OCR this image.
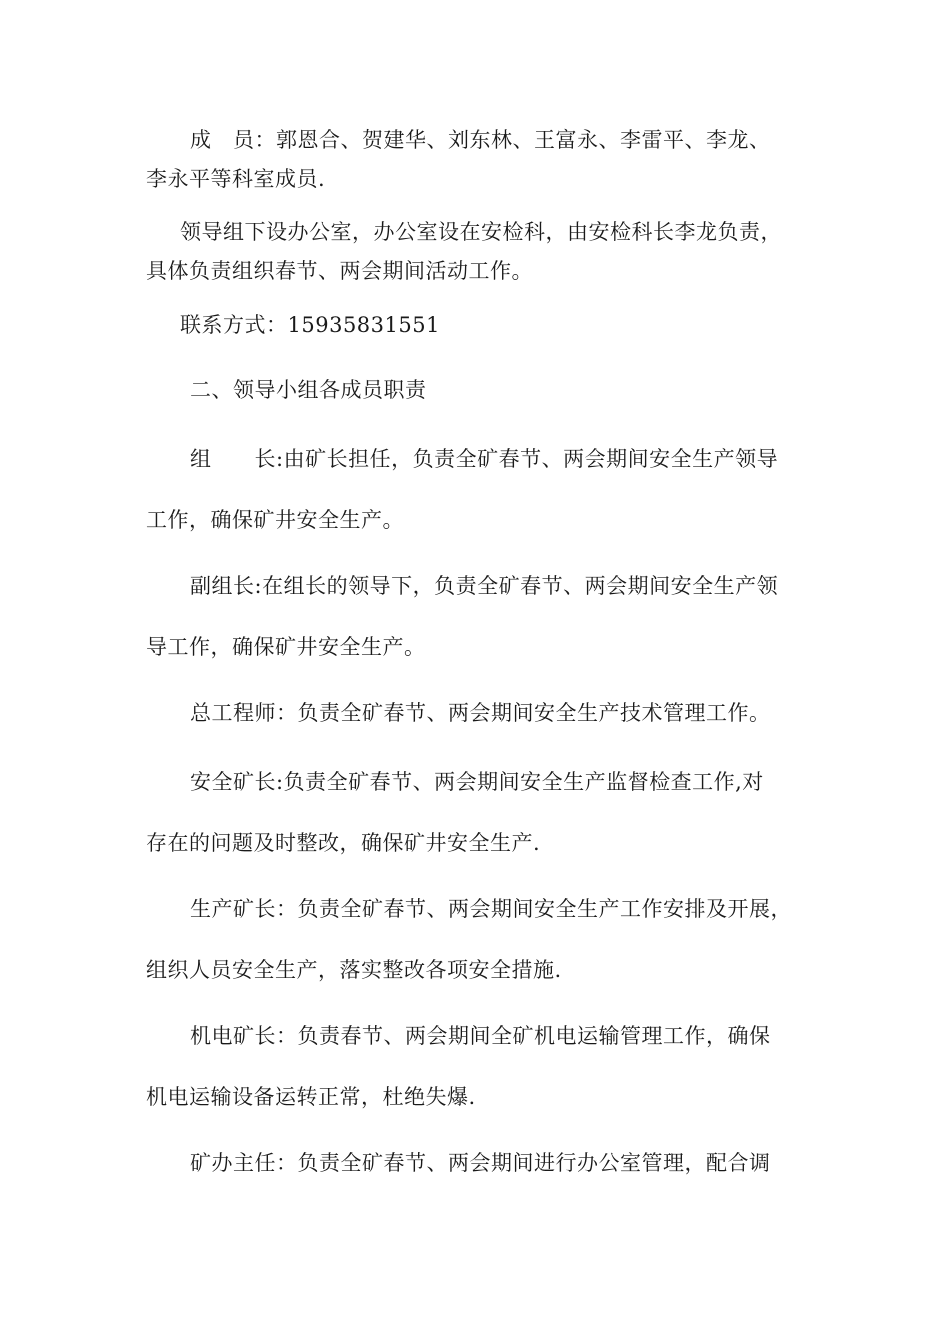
成　员：郭恩合、贺建华、刘东林、王富永、李雷平、李龙、
李永平等科室成员.
领导组下设办公室，办公室设在安检科，由安检科长李龙负责，
具体负责组织春节、两会期间活动工作。
联系方式：15935831551
二、领导小组各成员职责
组　　长:由矿长担任，负责全矿春节、两会期间安全生产领导
工作，确保矿井安全生产。
副组长:在组长的领导下，负责全矿春节、两会期间安全生产领
导工作，确保矿井安全生产。
总工程师：负责全矿春节、两会期间安全生产技术管理工作。
安全矿长:负责全矿春节、两会期间安全生产监督检查工作,对
存在的问题及时整改，确保矿井安全生产.
生产矿长：负责全矿春节、两会期间安全生产工作安排及开展，
组织人员安全生产，落实整改各项安全措施.
机电矿长：负责春节、两会期间全矿机电运输管理工作，确保
机电运输设备运转正常，杜绝失爆.
矿办主任：负责全矿春节、两会期间进行办公室管理，配合调
